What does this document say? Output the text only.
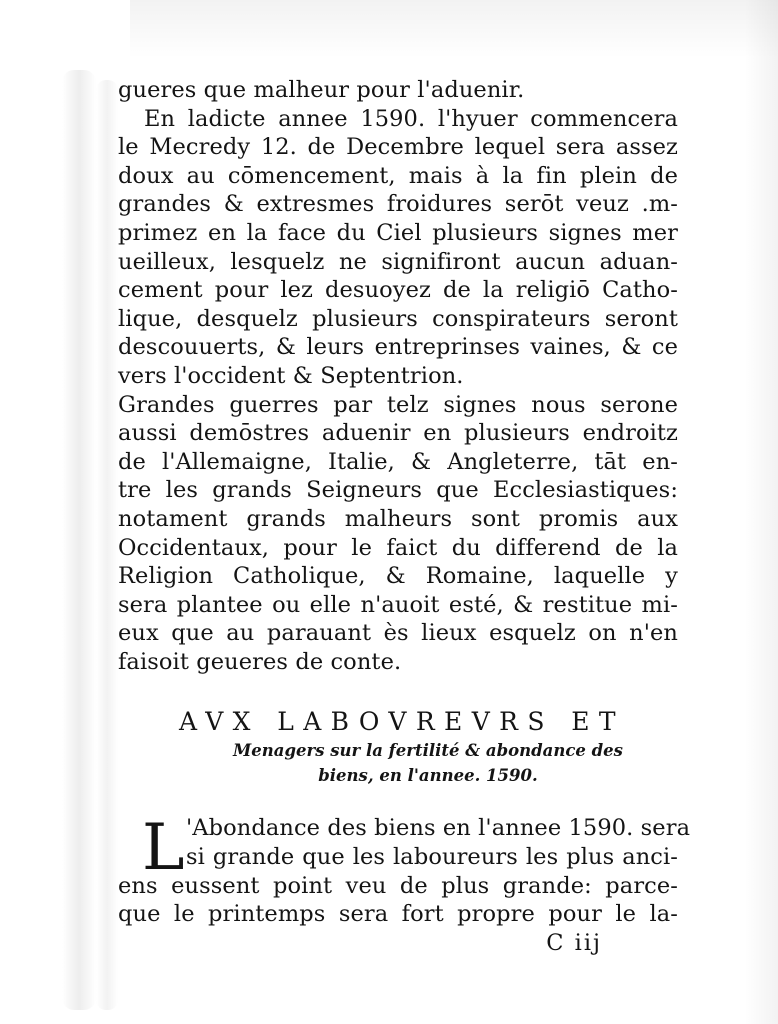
gueres que malheur pour l'aduenir.
En ladicte annee 1590. l'hyuer commencera
le Mecredy 12. de Decembre lequel sera assez
doux au cōmencement, mais à la fin plein de
grandes & extresmes froidures serōt veuz .m-
primez en la face du Ciel plusieurs signes mer
ueilleux, lesquelz ne signifiront aucun aduan-
cement pour lez desuoyez de la religiō Catho-
lique, desquelz plusieurs conspirateurs seront
descouuerts, & leurs entreprinses vaines, & ce
vers l'occident & Septentrion.
Grandes guerres par telz signes nous serone
aussi demōstres aduenir en plusieurs endroitz
de l'Allemaigne, Italie, & Angleterre, tāt en-
tre les grands Seigneurs que Ecclesiastiques:
notament grands malheurs sont promis aux
Occidentaux, pour le faict du differend de la
Religion Catholique, & Romaine, laquelle y
sera plantee ou elle n'auoit esté, & restitue mi-
eux que au parauant ès lieux esquelz on n'en
faisoit geueres de conte.
AVX LABOVREVRS ET
Menagers sur la fertilité & abondance des
biens, en l'annee. 1590.
L 'Abondance des biens en l'annee 1590. sera
si grande que les laboureurs les plus anci-
ens eussent point veu de plus grande: parce-
que le printemps sera fort propre pour le la-
C iij
